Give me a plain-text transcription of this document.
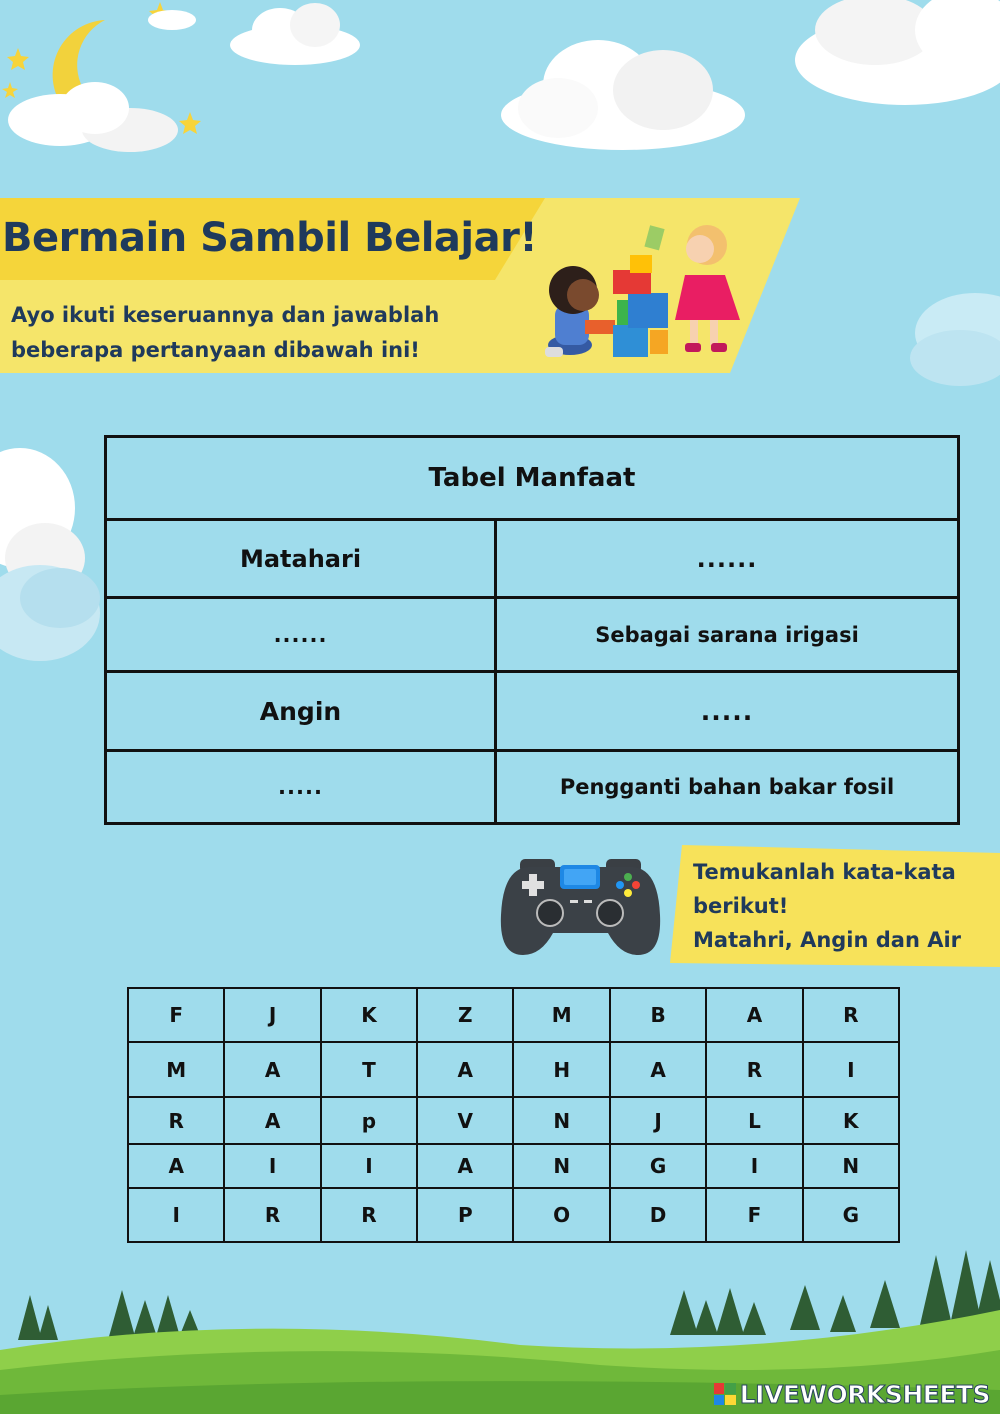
Bermain Sambil Belajar!
Ayo ikuti keseruannya dan jawablah beberapa pertanyaan dibawah ini!
Tabel Manfaat	
Matahari	......
......	Sebagai sarana irigasi
Angin	.....
.....	Pengganti bahan bakar fosil
Temukanlah kata-kata
berikut!
Matahri, Angin dan Air
F	J	K	Z	M	B	A	R
M	A	T	A	H	A	R	I
R	A	p	V	N	J	L	K
A	I	I	A	N	G	I	N
I	R	R	P	O	D	F	G
LIVEWORKSHEETS
